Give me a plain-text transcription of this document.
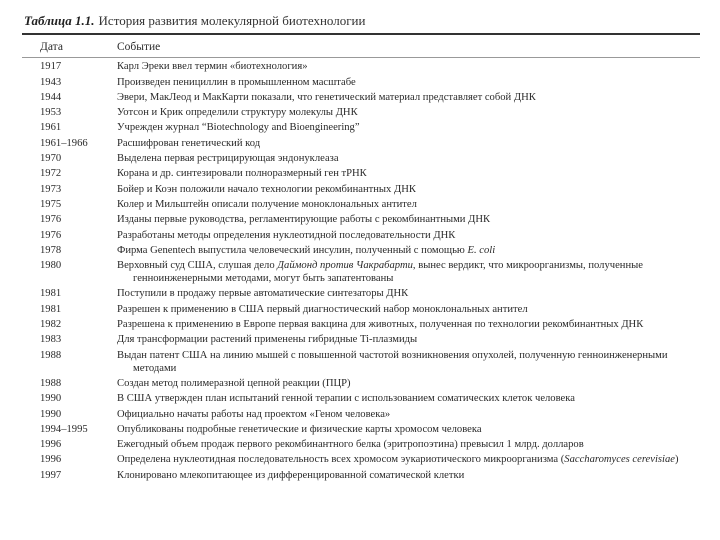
Таблица 1.1. История развития молекулярной биотехнологии
Дата	Событие
1917	Карл Эреки ввел термин «биотехнология»
1943	Произведен пенициллин в промышленном масштабе
1944	Эвери, МакЛеод и МакКарти показали, что генетический материал представляет собой ДНК
1953	Уотсон и Крик определили структуру молекулы ДНК
1961	Учрежден журнал “Biotechnology and Bioengineering”
1961–1966	Расшифрован генетический код
1970	Выделена первая рестрицирующая эндонуклеаза
1972	Корана и др. синтезировали полноразмерный ген тРНК
1973	Бойер и Коэн положили начало технологии рекомбинантных ДНК
1975	Колер и Мильштейн описали получение моноклональных антител
1976	Изданы первые руководства, регламентирующие работы с рекомбинантными ДНК
1976	Разработаны методы определения нуклеотидной последовательности ДНК
1978	Фирма Genentech выпустила человеческий инсулин, полученный с помощью E. coli
1980	Верховный суд США, слушая дело Даймонд против Чакрабарти, вынес вердикт, что микроорганизмы, полученные генноинженерными методами, могут быть запатентованы
1981	Поступили в продажу первые автоматические синтезаторы ДНК
1981	Разрешен к применению в США первый диагностический набор моноклональных антител
1982	Разрешена к применению в Европе первая вакцина для животных, полученная по технологии рекомбинантных ДНК
1983	Для трансформации растений применены гибридные Ti-плазмиды
1988	Выдан патент США на линию мышей с повышенной частотой возникновения опухолей, полученную генноинженерными методами
1988	Создан метод полимеразной цепной реакции (ПЦР)
1990	В США утвержден план испытаний генной терапии с использованием соматических клеток человека
1990	Официально начаты работы над проектом «Геном человека»
1994–1995	Опубликованы подробные генетические и физические карты хромосом человека
1996	Ежегодный объем продаж первого рекомбинантного белка (эритропоэтина) превысил 1 млрд. долларов
1996	Определена нуклеотидная последовательность всех хромосом эукариотического микроорганизма (Saccharomyces cerevisiae)
1997	Клонировано млекопитающее из дифференцированной соматической клетки
